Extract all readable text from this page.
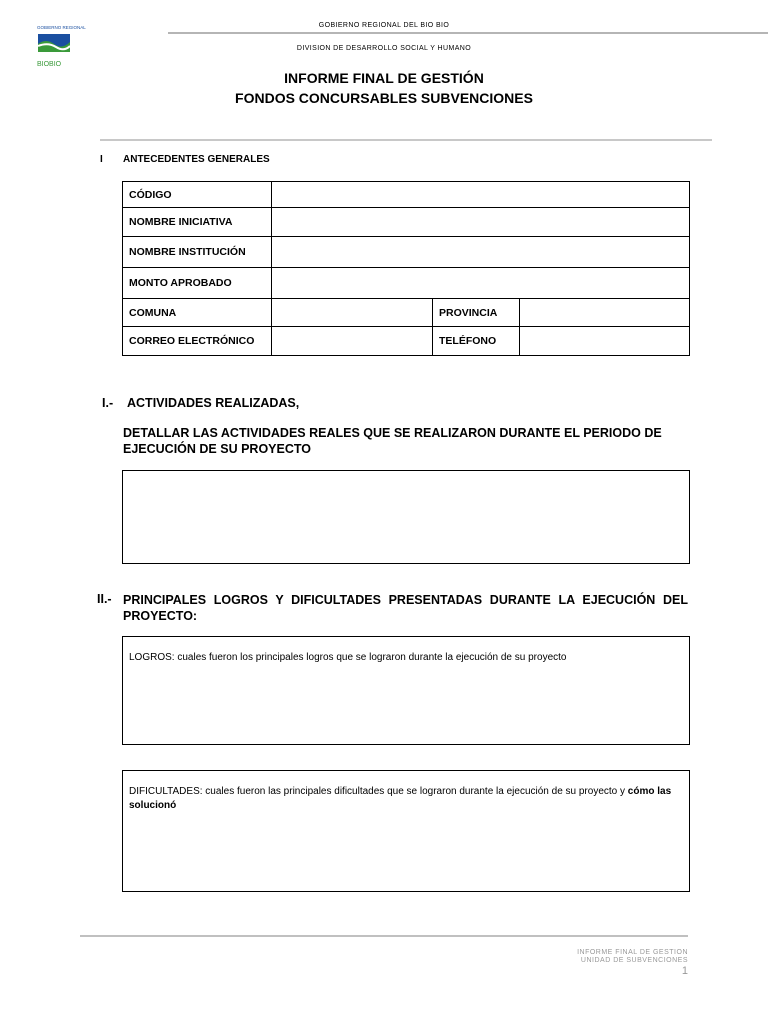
GOBIERNO REGIONAL
BIOBIO
GOBIERNO REGIONAL DEL BIO BIO
DIVISION DE DESARROLLO SOCIAL Y HUMANO
INFORME FINAL DE GESTIÓN
FONDOS CONCURSABLES SUBVENCIONES
I ANTECEDENTES GENERALES
CÓDIGO			
NOMBRE INICIATIVA			
NOMBRE INSTITUCIÓN			
MONTO APROBADO			
COMUNA		PROVINCIA	
CORREO ELECTRÓNICO		TELÉFONO	
I.- ACTIVIDADES REALIZADAS,
DETALLAR LAS ACTIVIDADES REALES QUE SE REALIZARON DURANTE EL PERIODO DE EJECUCIÓN DE SU PROYECTO
II.- PRINCIPALES LOGROS Y DIFICULTADES PRESENTADAS DURANTE LA EJECUCIÓN DEL PROYECTO:
LOGROS: cuales fueron los principales logros que se lograron durante la ejecución de su proyecto
DIFICULTADES: cuales fueron las principales dificultades que se lograron durante la ejecución de su proyecto y cómo las solucionó
INFORME FINAL DE GESTION
UNIDAD DE SUBVENCIONES
1
